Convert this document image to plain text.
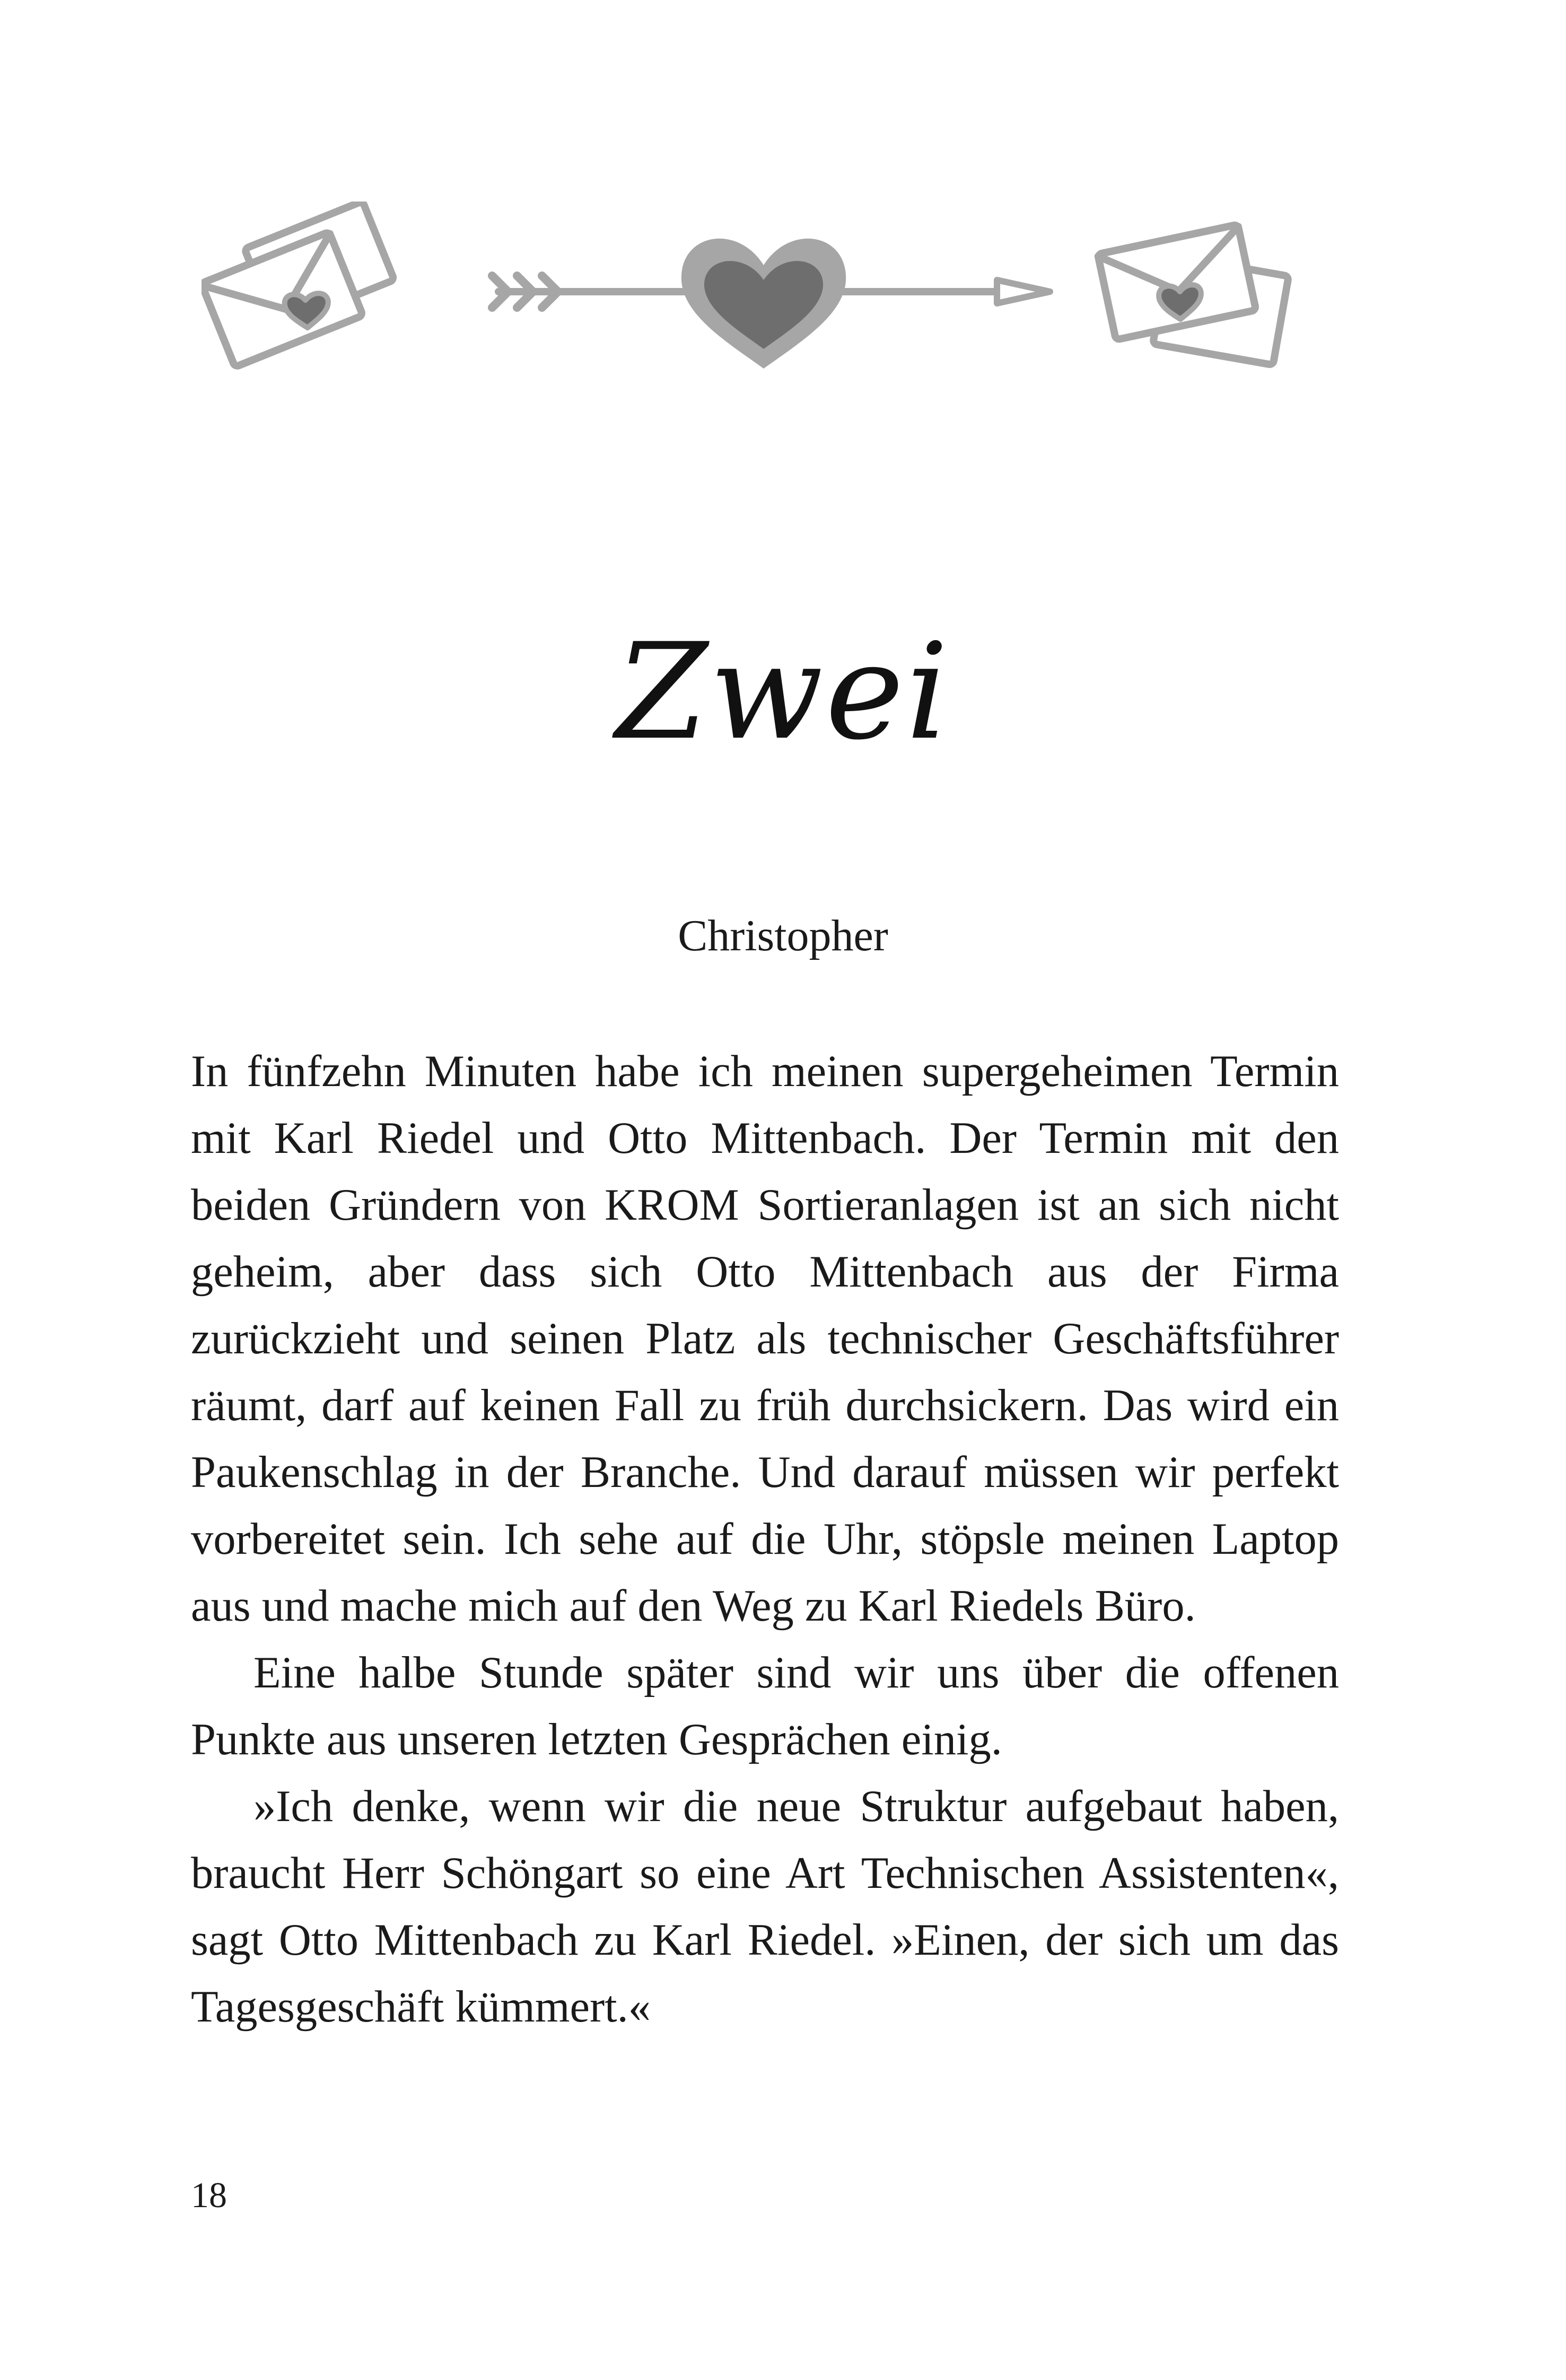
Zwei
Christopher

In fünfzehn Minuten habe ich meinen supergeheimen Termin mit Karl Riedel und Otto Mittenbach. Der Termin mit den beiden Gründern von KROM Sortieranlagen ist an sich nicht geheim, aber dass sich Otto Mittenbach aus der Firma zurückzieht und seinen Platz als technischer Geschäftsführer räumt, darf auf keinen Fall zu früh durchsickern. Das wird ein Paukenschlag in der Branche. Und darauf müssen wir perfekt vorbereitet sein. Ich sehe auf die Uhr, stöpsle meinen Laptop aus und mache mich auf den Weg zu Karl Riedels Büro.

Eine halbe Stunde später sind wir uns über die offenen Punkte aus unseren letzten Gesprächen einig.

»Ich denke, wenn wir die neue Struktur aufgebaut haben, braucht Herr Schöngart so eine Art Technischen Assistenten«, sagt Otto Mittenbach zu Karl Riedel. »Einen, der sich um das Tagesgeschäft kümmert.«

18
